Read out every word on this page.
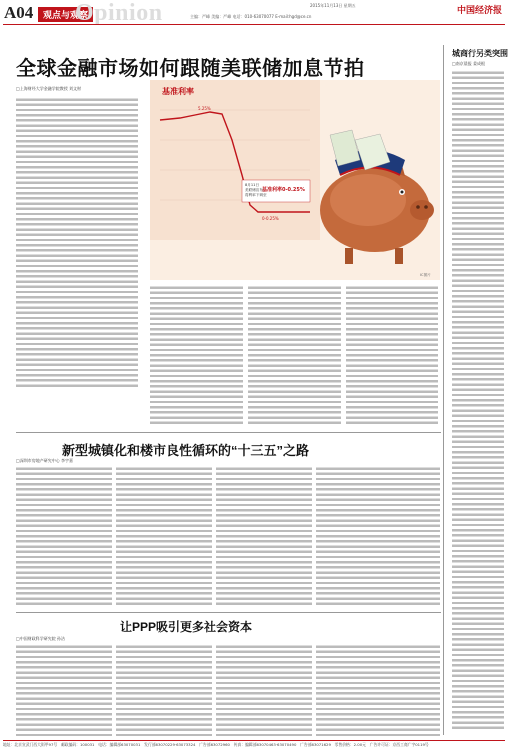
A04	观点与观察
Opinion	主编：严峰 美编：严峰 电话：010-63070077 E-mail:hgd@ce.cn
2015年11月13日 星期五	中国经济报
全球金融市场如何跟随美联储加息节拍
□上海财经大学金融学院教授 刘文财	基准利率
5.25%
0-0.25%
8月11日
美联储宣布，
将利率下调至
基准利率0-0.25%
IC图片
城商行另类突围
□南京晨报 姜成根
新型城镇化和楼市良性循环的“十三五”之路
□深圳市房地产研究中心 李宇嘉
让PPP吸引更多社会资本
□中国财政科学研究院 孙洁
地址：北京宣武门西大街甲97号　邮政编码：100031　电话：编辑部63070031　发行部63070229·63073324　广告部63072960　传真：编辑部63070463·63070490　广告部63071629　零售价格：2.00元　广告许可证：京西工商广字0119号
